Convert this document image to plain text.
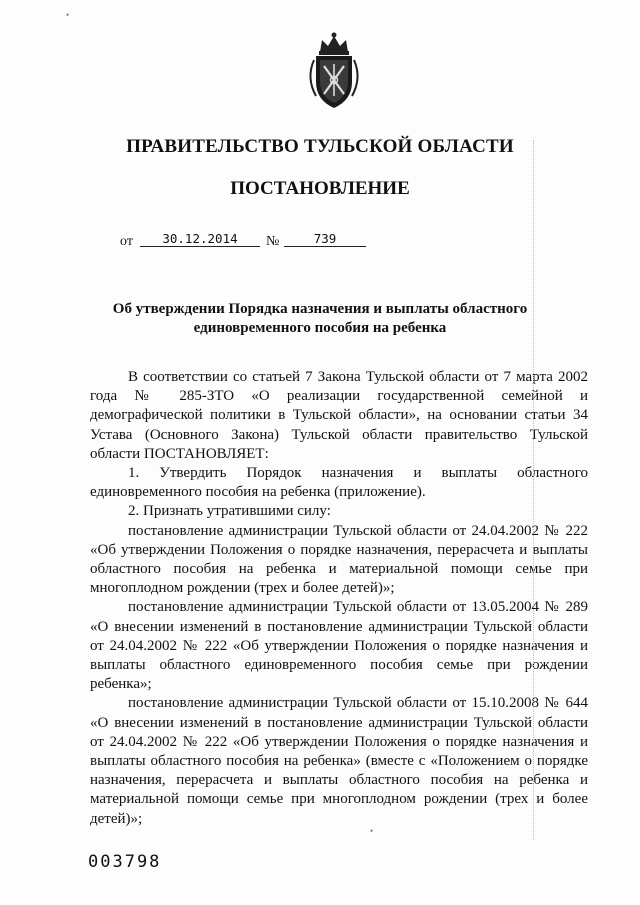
ПРАВИТЕЛЬСТВО ТУЛЬСКОЙ ОБЛАСТИ
ПОСТАНОВЛЕНИЕ
от	30.12.2014	№	739
Об утверждении Порядка назначения и выплаты областного
единовременного пособия на ребенка

В соответствии со статьей 7 Закона Тульской области от 7 марта 2002 года № 285-ЗТО «О реализации государственной семейной и демографической политики в Тульской области», на основании статьи 34 Устава (Основного Закона) Тульской области правительство Тульской области ПОСТАНОВЛЯЕТ:

1. Утвердить Порядок назначения и выплаты областного единовременного пособия на ребенка (приложение).

2. Признать утратившими силу:

постановление администрации Тульской области от 24.04.2002 № 222 «Об утверждении Положения о порядке назначения, перерасчета и выплаты областного пособия на ребенка и материальной помощи семье при многоплодном рождении (трех и более детей)»;

постановление администрации Тульской области от 13.05.2004 № 289 «О внесении изменений в постановление администрации Тульской области от 24.04.2002 № 222 «Об утверждении Положения о порядке назначения и выплаты областного единовременного пособия семье при рождении ребенка»;

постановление администрации Тульской области от 15.10.2008 № 644 «О внесении изменений в постановление администрации Тульской области от 24.04.2002 № 222 «Об утверждении Положения о порядке назначения и выплаты областного пособия на ребенка» (вместе с «Положением о порядке назначения, перерасчета и выплаты областного пособия на ребенка и материальной помощи семье при многоплодном рождении (трех и более детей)»;

003798
•
•
